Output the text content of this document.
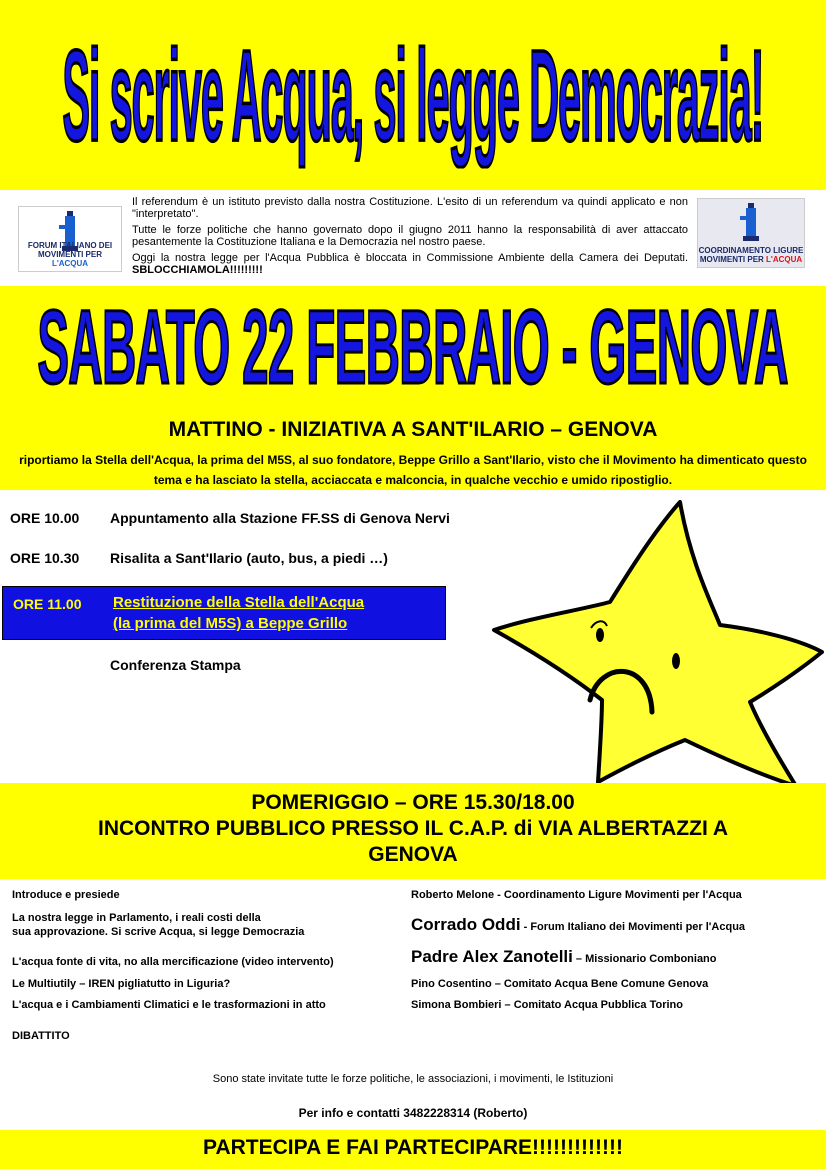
Si scrive Acqua, si legge Democrazia!
FORUM ITALIANO DEI
MOVIMENTI PER L'ACQUA

Il referendum è un istituto previsto dalla nostra Costituzione. L'esito di un referendum va quindi applicato e non "interpretato".

Tutte le forze politiche che hanno governato dopo il giugno 2011 hanno la responsabilità di aver attaccato pesantemente la Costituzione Italiana e la Democrazia nel nostro paese.

Oggi la nostra legge per l'Acqua Pubblica è bloccata in Commissione Ambiente della Camera dei Deputati. SBLOCCHIAMOLA!!!!!!!!!

COORDINAMENTO LIGURE
MOVIMENTI PER L'ACQUA
SABATO 22 FEBBRAIO - GENOVA
MATTINO - INIZIATIVA A SANT'ILARIO – GENOVA
riportiamo la Stella dell'Acqua, la prima del M5S, al suo fondatore, Beppe Grillo a Sant'Ilario, visto che il Movimento ha dimenticato questo tema e ha lasciato la stella, acciaccata e malconcia, in qualche vecchio e umido ripostiglio.
ORE 10.00 Appuntamento alla Stazione FF.SS di Genova Nervi
ORE 10.30 Risalita a Sant'Ilario (auto, bus, a piedi …)
ORE 11.00 Restituzione della Stella dell'Acqua
(la prima del M5S) a Beppe Grillo
Conferenza Stampa
POMERIGGIO – ORE 15.30/18.00
INCONTRO PUBBLICO PRESSO IL C.A.P. di VIA ALBERTAZZI A
GENOVA
Introduce e presiede	Roberto Melone - Coordinamento Ligure Movimenti per l'Acqua
La nostra legge in Parlamento, i reali costi della
sua approvazione. Si scrive Acqua, si legge Democrazia	Corrado Oddi - Forum Italiano dei Movimenti per l'Acqua
L'acqua fonte di vita, no alla mercificazione (video intervento)	Padre Alex Zanotelli – Missionario Comboniano
Le Multiutily – IREN pigliatutto in Liguria?	Pino Cosentino – Comitato Acqua Bene Comune Genova
L'acqua e i Cambiamenti Climatici e le trasformazioni in atto	Simona Bombieri – Comitato Acqua Pubblica Torino
DIBATTITO
Sono state invitate tutte le forze politiche, le associazioni, i movimenti, le Istituzioni
Per info e contatti 3482228314 (Roberto)
PARTECIPA E FAI PARTECIPARE!!!!!!!!!!!!!
